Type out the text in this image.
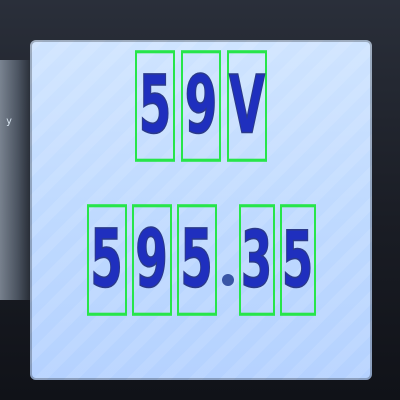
y 5 9 V
5 9 5 3 5
